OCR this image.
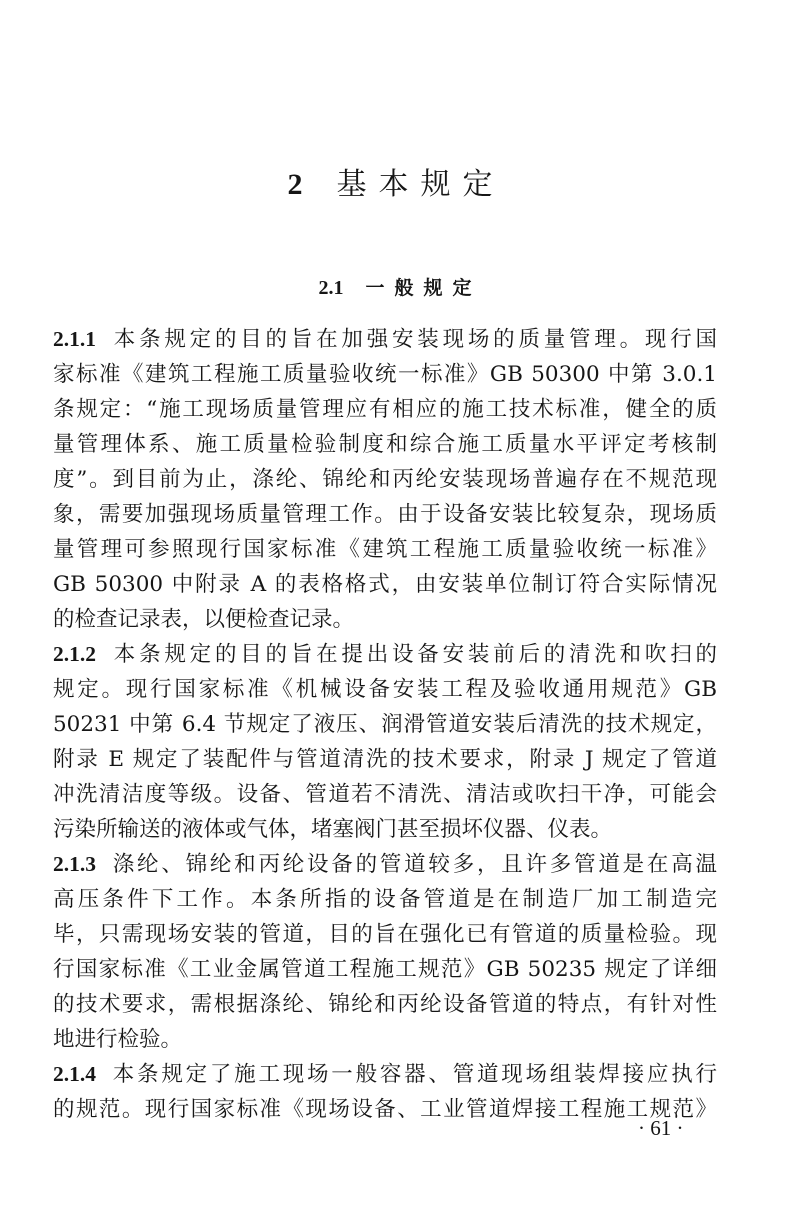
2 基本规定
2.1 一般规定
2.1.1 本条规定的目的旨在加强安装现场的质量管理。现行国
家标准《建筑工程施工质量验收统一标准》GB 50300 中第 3.0.1
条规定：“施工现场质量管理应有相应的施工技术标准，健全的质
量管理体系、施工质量检验制度和综合施工质量水平评定考核制
度”。到目前为止，涤纶、锦纶和丙纶安装现场普遍存在不规范现
象，需要加强现场质量管理工作。由于设备安装比较复杂，现场质
量管理可参照现行国家标准《建筑工程施工质量验收统一标准》
GB 50300 中附录 A 的表格格式，由安装单位制订符合实际情况
的检查记录表，以便检查记录。
2.1.2 本条规定的目的旨在提出设备安装前后的清洗和吹扫的
规定。现行国家标准《机械设备安装工程及验收通用规范》GB
50231 中第 6.4 节规定了液压、润滑管道安装后清洗的技术规定，
附录 E 规定了装配件与管道清洗的技术要求，附录 J 规定了管道
冲洗清洁度等级。设备、管道若不清洗、清洁或吹扫干净，可能会
污染所输送的液体或气体，堵塞阀门甚至损坏仪器、仪表。
2.1.3 涤纶、锦纶和丙纶设备的管道较多，且许多管道是在高温
高压条件下工作。本条所指的设备管道是在制造厂加工制造完
毕，只需现场安装的管道，目的旨在强化已有管道的质量检验。现
行国家标准《工业金属管道工程施工规范》GB 50235 规定了详细
的技术要求，需根据涤纶、锦纶和丙纶设备管道的特点，有针对性
地进行检验。
2.1.4 本条规定了施工现场一般容器、管道现场组装焊接应执行
的规范。现行国家标准《现场设备、工业管道焊接工程施工规范》
· 61 ·
